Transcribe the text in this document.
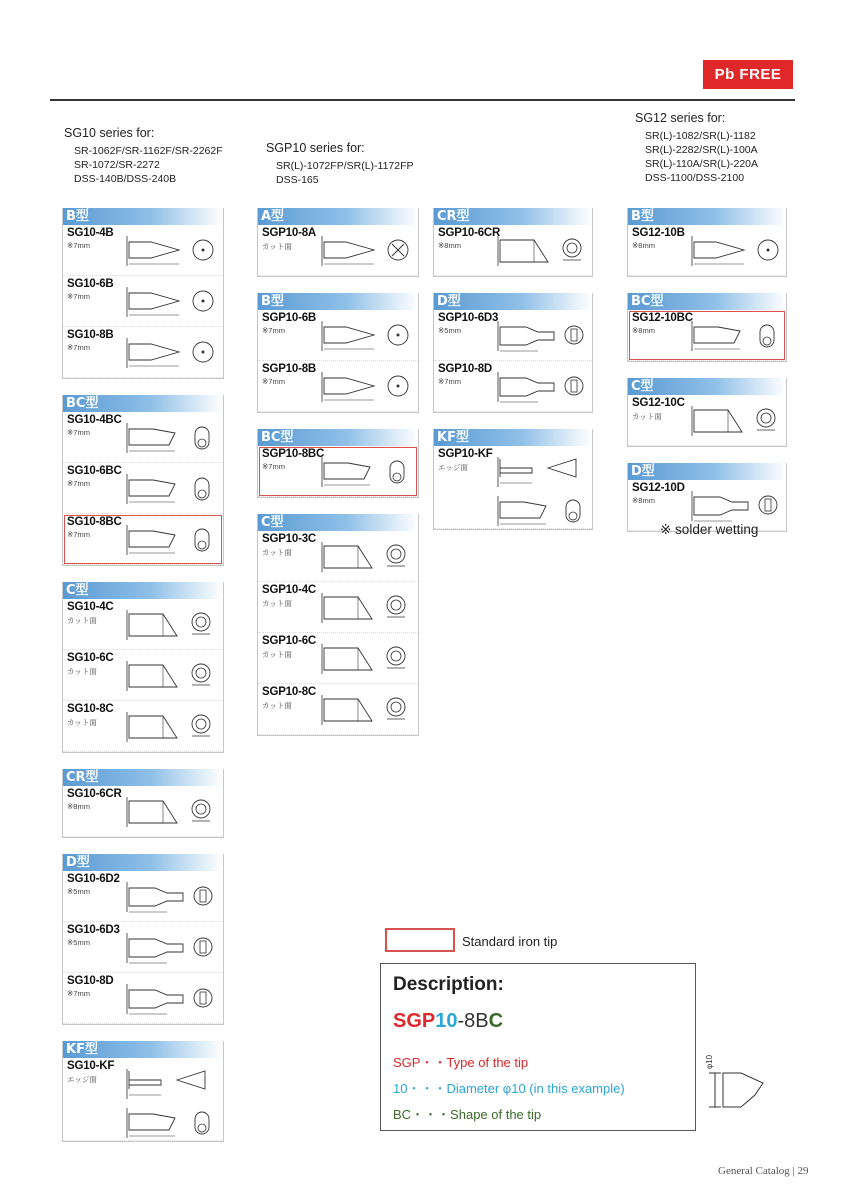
Pb FREE
SG10 series for:
SR-1062F/SR-1162F/SR-2262F
SR-1072/SR-2272
DSS-140B/DSS-240B
SGP10 series for:
SR(L)-1072FP/SR(L)-1172FP
DSS-165
SG12 series for:
SR(L)-1082/SR(L)-1182
SR(L)-2282/SR(L)-100A
SR(L)-110A/SR(L)-220A
DSS-1100/DSS-2100
B型
SG10-4B
※7mm
SG10-6B
※7mm
SG10-8B
※7mm
BC型
SG10-4BC
※7mm
SG10-6BC
※7mm
SG10-8BC
※7mm
C型
SG10-4C
カット面
SG10-6C
カット面
SG10-8C
カット面
CR型
SG10-6CR
※8mm
D型
SG10-6D2
※5mm
SG10-6D3
※5mm
SG10-8D
※7mm
KF型
SG10-KF
エッジ面
A型
SGP10-8A
カット面
B型
SGP10-6B
※7mm
SGP10-8B
※7mm
BC型
SGP10-8BC
※7mm
C型
SGP10-3C
カット面
SGP10-4C
カット面
SGP10-6C
カット面
SGP10-8C
カット面
CR型
SGP10-6CR
※8mm
D型
SGP10-6D3
※5mm
SGP10-8D
※7mm
KF型
SGP10-KF
エッジ面
B型
SG12-10B
※8mm
BC型
SG12-10BC
※8mm
C型
SG12-10C
カット面
D型
SG12-10D
※8mm
※ solder wetting
Standard iron tip
Description:
SGP10-8BC
SGP・・Type of the tip
10・・・Diameter φ10 (in this example)
BC・・・Shape of the tip
φ10
General Catalog | 29
